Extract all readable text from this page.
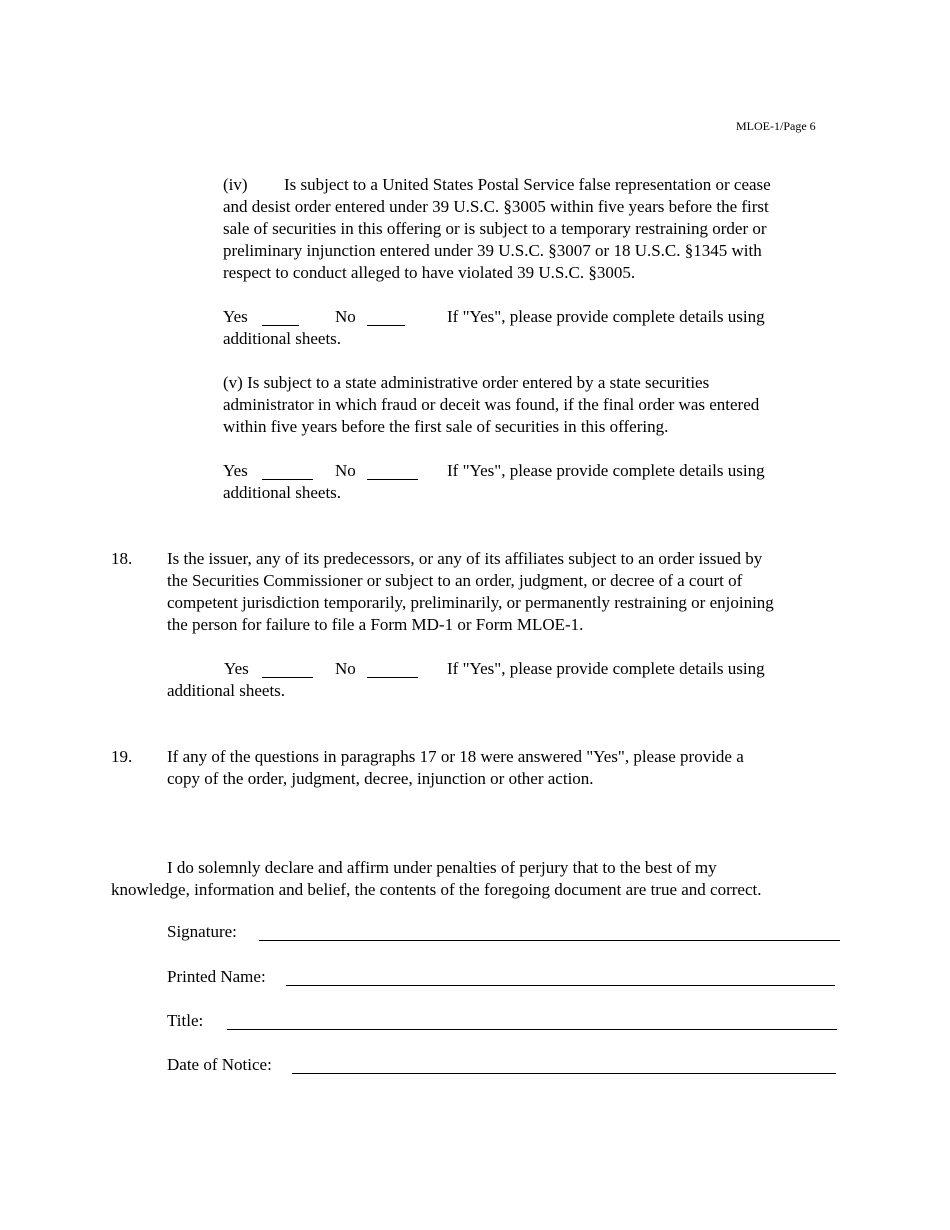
MLOE-1/Page 6
(iv) Is subject to a United States Postal Service false representation or cease
and desist order entered under 39 U.S.C. §3005 within five years before the first
sale of securities in this offering or is subject to a temporary restraining order or
preliminary injunction entered under 39 U.S.C. §3007 or 18 U.S.C. §1345 with
respect to conduct alleged to have violated 39 U.S.C. §3005.
Yes	No	If "Yes", please provide complete details using
additional sheets.
(v) Is subject to a state administrative order entered by a state securities
administrator in which fraud or deceit was found, if the final order was entered
within five years before the first sale of securities in this offering.
Yes	No	If "Yes", please provide complete details using
additional sheets.
18. Is the issuer, any of its predecessors, or any of its affiliates subject to an order issued by
the Securities Commissioner or subject to an order, judgment, or decree of a court of
competent jurisdiction temporarily, preliminarily, or permanently restraining or enjoining
the person for failure to file a Form MD-1 or Form MLOE-1.
Yes	No	If "Yes", please provide complete details using
additional sheets.
19. If any of the questions in paragraphs 17 or 18 were answered "Yes", please provide a
copy of the order, judgment, decree, injunction or other action.
I do solemnly declare and affirm under penalties of perjury that to the best of my
knowledge, information and belief, the contents of the foregoing document are true and correct.
Signature:
Printed Name:
Title:
Date of Notice:
